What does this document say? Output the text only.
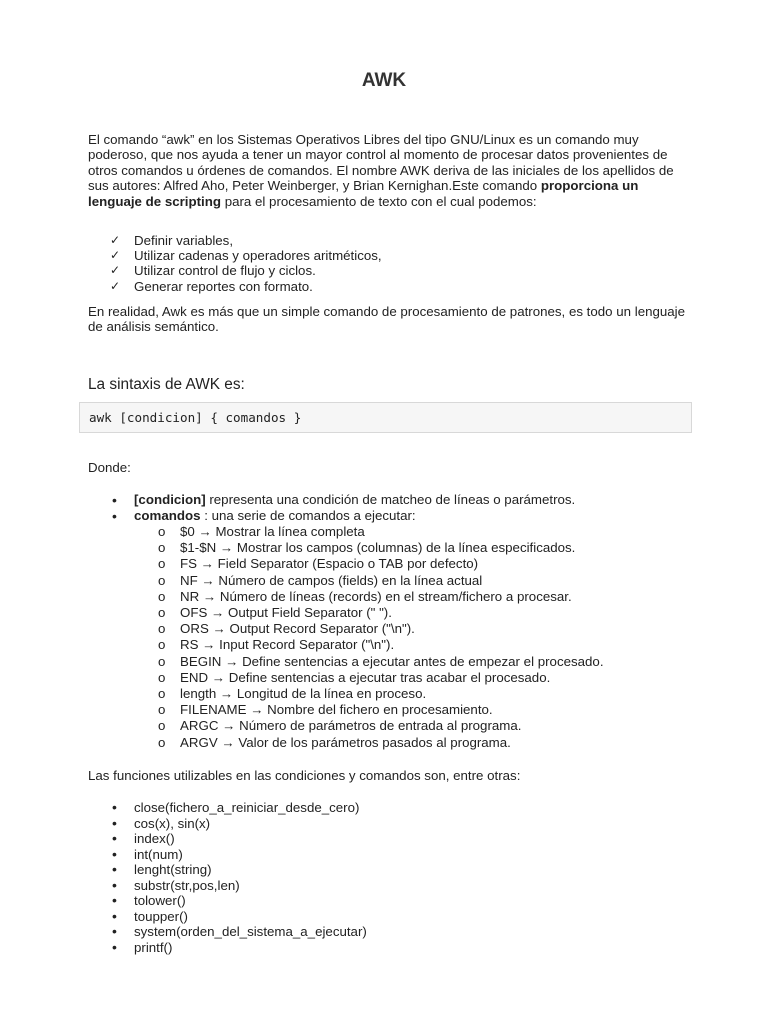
AWK

El comando “awk” en los Sistemas Operativos Libres del tipo GNU/Linux es un comando muy poderoso, que nos ayuda a tener un mayor control al momento de procesar datos provenientes de otros comandos u órdenes de comandos. El nombre AWK deriva de las iniciales de los apellidos de sus autores: Alfred Aho, Peter Weinberger, y Brian Kernighan.Este comando proporciona un lenguaje de scripting para el procesamiento de texto con el cual podemos:

✓ Definir variables,
✓ Utilizar cadenas y operadores aritméticos,
✓ Utilizar control de flujo y ciclos.
✓ Generar reportes con formato.

En realidad, Awk es más que un simple comando de procesamiento de patrones, es todo un lenguaje de análisis semántico.

La sintaxis de AWK es:
awk [condicion] { comandos }
Donde:
• [condicion] representa una condición de matcheo de líneas o parámetros.
• comandos : una serie de comandos a ejecutar:
o $0 → Mostrar la línea completa
o $1-$N → Mostrar los campos (columnas) de la línea especificados.
o FS → Field Separator (Espacio o TAB por defecto)
o NF → Número de campos (fields) en la línea actual
o NR → Número de líneas (records) en el stream/fichero a procesar.
o OFS → Output Field Separator (" ").
o ORS → Output Record Separator ("\n").
o RS → Input Record Separator ("\n").
o BEGIN → Define sentencias a ejecutar antes de empezar el procesado.
o END → Define sentencias a ejecutar tras acabar el procesado.
o length → Longitud de la línea en proceso.
o FILENAME → Nombre del fichero en procesamiento.
o ARGC → Número de parámetros de entrada al programa.
o ARGV → Valor de los parámetros pasados al programa.
Las funciones utilizables en las condiciones y comandos son, entre otras:
• close(fichero_a_reiniciar_desde_cero)
• cos(x), sin(x)
• index()
• int(num)
• lenght(string)
• substr(str,pos,len)
• tolower()
• toupper()
• system(orden_del_sistema_a_ejecutar)
• printf()
